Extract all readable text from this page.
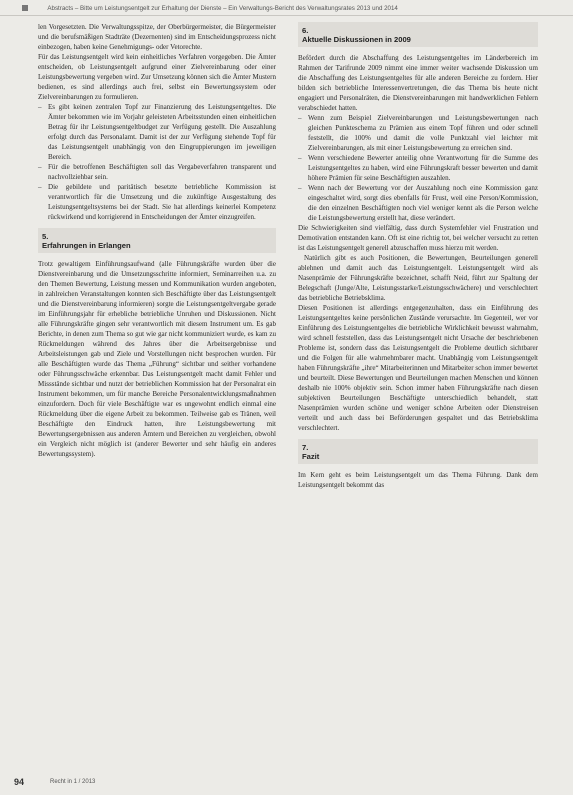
Abstracts – Bitte um Leistungsentgelt zur Erhaltung der Dienste – Ein Verwaltungs-Bericht des Verwaltungsrates 2013 und 2014

len Vorgesetzten. Die Verwaltungsspitze, der Oberbürgermeister, die Bürgermeister und die berufsmäßigen Stadträte (Dezernenten) sind im Entscheidungsprozess nicht einbezogen, haben keine Genehmigungs- oder Vetorechte.

Für das Leistungsentgelt wird kein einheitliches Verfahren vorgegeben. Die Ämter entscheiden, ob Leistungsentgelt aufgrund einer Zielvereinbarung oder einer Leistungsbewertung vergeben wird. Zur Umsetzung können sich die Ämter Mustern bedienen, es sind allerdings auch frei, selbst ein Bewertungssystem oder Zielvereinbarungen zu formulieren.

– Es gibt keinen zentralen Topf zur Finanzierung des Leistungsentgeltes. Die Ämter bekommen wie im Vorjahr geleisteten Arbeitsstunden einen einheitlichen Betrag für ihr Leistungsentgeltbudget zur Verfügung gestellt. Die Auszahlung erfolgt durch das Personalamt. Damit ist der zur Verfügung stehende Topf für das Leistungsentgelt unabhängig von den Eingruppierungen im jeweiligen Bereich.
– Für die betroffenen Beschäftigten soll das Vergabeverfahren transparent und nachvollziehbar sein.
– Die gebildete und paritätisch besetzte betriebliche Kommission ist verantwortlich für die Umsetzung und die zukünftige Ausgestaltung des Leistungsentgeltsystems bei der Stadt. Sie hat allerdings keinerlei Kompetenz rückwirkend und korrigierend in Entscheidungen der Ämter einzugreifen.
5.
Erfahrungen in Erlangen

Trotz gewaltigem Einführungsaufwand (alle Führungskräfte wurden über die Dienstvereinbarung und die Umsetzungsschritte informiert, Seminarreihen u.a. zu den Themen Bewertung, Leistung messen und Kommunikation wurden angeboten, in zahlreichen Veranstaltungen konnten sich Beschäftigte über das Leistungsentgelt und die Dienstvereinbarung informieren) sorgte die Leistungsentgeltvergabe gerade im Einführungsjahr für erhebliche betriebliche Unruhen und Diskussionen. Nicht alle Führungskräfte gingen sehr verantwortlich mit diesem Instrument um. Es gab Berichte, in denen zum Thema so gut wie gar nicht kommuniziert wurde, es kam zu Rückmeldungen während des Jahres über die Arbeitsergebnisse und Arbeitsleistungen gab und Ziele und Vorstellungen nicht besprochen wurden. Für alle Beschäftigten wurde das Thema „Führung“ sichtbar und seither vorhandene oder Führungsschwäche erkennbar. Das Leistungsentgelt macht damit Fehler und Missstände sichtbar und nutzt der betrieblichen Kommission hat der Personalrat ein Instrument bekommen, um für manche Bereiche Personalentwicklungsmaßnahmen einzufordern. Doch für viele Beschäftigte war es ungewohnt endlich einmal eine Rückmeldung über die eigene Arbeit zu bekommen. Teilweise gab es Tränen, weil Beschäftigte den Eindruck hatten, ihre Leistungsbewertung mit Bewertungsergebnissen aus anderen Ämtern und Bereichen zu vergleichen, obwohl ein Vergleich nicht möglich ist (anderer Bewerter und sehr häufig ein anderes Bewertungssystem).

6.
Aktuelle Diskussionen in 2009

Befördert durch die Abschaffung des Leistungsentgeltes im Länderbereich im Rahmen der Tarifrunde 2009 nimmt eine immer weiter wachsende Diskussion um die Abschaffung des Leistungsentgeltes für alle anderen Bereiche zu fordern. Hier bilden sich betriebliche Interessenvertretungen, die das Thema bis heute nicht engagiert und Personalräten, die Dienstvereinbarungen mit handwerklichen Fehlern verabschiedet hatten.

– Wenn zum Beispiel Zielvereinbarungen und Leistungsbewertungen nach gleichen Punkteschema zu Prämien aus einem Topf führen und oder schnell feststellt, die 100% und damit die volle Punktzahl viel leichter mit Zielvereinbarungen, als mit einer Leistungsbewertung zu erreichen sind.
– Wenn verschiedene Bewerter anteilig ohne Verantwortung für die Summe des Leistungsentgeltes zu haben, wird eine Führungskraft besser bewerten und damit höhere Prämien für seine Beschäftigten auszahlen.
– Wenn nach der Bewertung vor der Auszahlung noch eine Kommission ganz eingeschaltet wird, sorgt dies ebenfalls für Frust, weil eine Person/Kommission, die den einzelnen Beschäftigten noch viel weniger kennt als die Person welche die Leistungsbewertung erstellt hat, diese verändert.

Die Schwierigkeiten sind vielfältig, dass durch Systemfehler viel Frustration und Demotivation entstanden kann. Oft ist eine richtig tot, bei welcher versucht zu retten ist das Leistungsentgelt generell abzuschaffen muss hierzu mit werden.

Natürlich gibt es auch Positionen, die Bewertungen, Beurteilungen generell ablehnen und damit auch das Leistungsentgelt. Leistungsentgelt wird als Nasenprämie der Führungskräfte bezeichnet, schafft Neid, führt zur Spaltung der Belegschaft (Junge/Alte, Leistungsstarke/Leistungsschwächere) und verschlechtert das betriebliche Betriebsklima.

Diesen Positionen ist allerdings entgegenzuhalten, dass ein Einführung des Leistungsentgeltes keine persönlichen Zustände verursachte. Im Gegenteil, wer vor Einführung des Leistungsentgeltes die betriebliche Wirklichkeit bewusst wahrnahm, wird schnell feststellen, dass das Leistungsentgelt nicht Ursache der beschriebenen Probleme ist, sondern dass das Leistungsentgelt die Probleme deutlich sichtbarer und die Folgen für alle wahrnehmbarer macht. Unabhängig vom Leistungsentgelt haben Führungskräfte „ihre“ Mitarbeiterinnen und Mitarbeiter schon immer bewertet und beurteilt. Diese Bewertungen und Beurteilungen machen Menschen und können deshalb nie 100% objektiv sein. Schon immer haben Führungskräfte nach diesen subjektiven Beurteilungen Beschäftigte unterschiedlich behandelt, statt Nasenprämien wurden schöne und weniger schöne Arbeiten oder Dienstreisen verteilt und auch dass bei Beförderungen gespaltet und das Betriebsklima verschlechtert.

7.
Fazit

Im Kern geht es beim Leistungsentgelt um das Thema Führung. Dank dem Leistungsentgelt bekommt das

94	Recht in 1 / 2013
